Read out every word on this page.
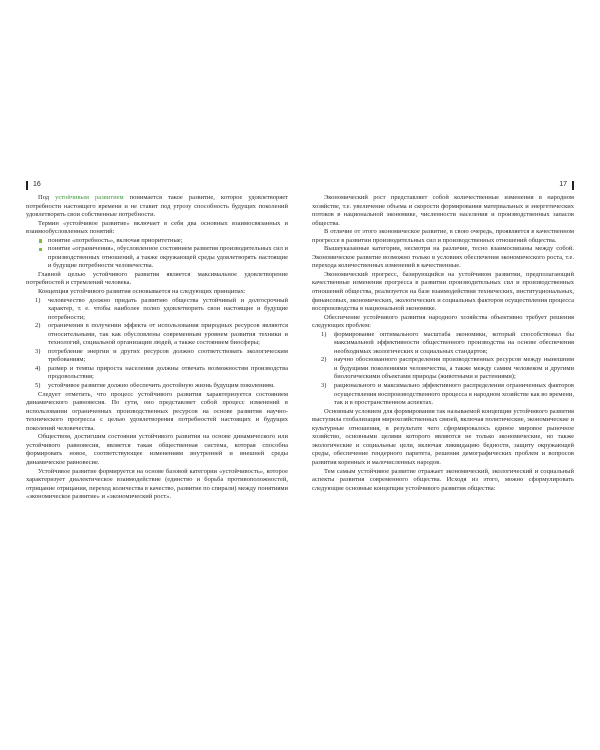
16

Под устойчивым развитием понимается такое развитие, которое удовлетворяет потребности настоящего времени и не ставит под угрозу способность будущих поколений удовлетворять свои собственные потребности.

Термин «устойчивое развитие» включает в себя два основных взаимосвязанных и взаимообусловленных понятий:

понятие «потребность», включая приоритетные;
понятие «ограничения», обусловленное состоянием развития производительных сил и производственных отношений, а также окружающей среды удовлетворять настоящие и будущие потребности человечества.

Главной целью устойчивого развития является максимальное удовлетворение потребностей и стремлений человека.

Концепция устойчивого развития основывается на следующих принципах:

1) человечество должно придать развитию общества устойчивый и долгосрочный характер, т. е. чтобы наиболее полно удовлетворить свои настоящие и будущие потребности;
2) ограничения в получении эффекта от использования природных ресурсов являются относительными, так как обусловлены современным уровнем развития техники и технологий, социальной организации людей, а также состоянием биосферы;
3) потребление энергии и других ресурсов должно соответствовать экологическим требованиям;
4) размер и темпы прироста населения должны отвечать возможностям производства продовольствия;
5) устойчивое развитие должно обеспечить достойную жизнь будущим поколениям.

Следует отметить, что процесс устойчивого развития характеризуется состоянием динамического равновесия. По сути, оно представляет собой процесс изменений в использовании ограниченных производственных ресурсов на основе развития научно-технического прогресса с целью удовлетворения потребностей настоящих и будущих поколений человечества.

Обществом, достигшим состояния устойчивого развития на основе динамического или устойчивого равновесия, является такая общественная система, которая способна формировать новое, соответствующее изменениям внутренней и внешней среды динамическое равновесие.

Устойчивое развитие формируется на основе базовой категории «устойчивость», которое характеризует диалектическое взаимодействие (единство и борьба противоположностей, отрицание отрицания, переход количества в качество, развитие по спирали) между понятиями «экономическое развитие» и «экономический рост».

17

Экономический рост представляет собой количественные изменения в народном хозяйстве, т.е. увеличение объема и скорости формирования материальных и энергетических потоков в национальной экономике, численности населения и производственных запасов общества.

В отличие от этого экономическое развитие, в свою очередь, проявляется в качественном прогрессе в развитии производительных сил и производственных отношений общества.

Вышеуказанные категории, несмотря на различие, тесно взаимосвязаны между собой. Экономическое развитие возможно только в условиях обеспечения экономического роста, т.е. перехода количественных изменений в качественные.

Экономический прогресс, базирующийся на устойчивом развитии, предполагающий качественные изменения прогресса в развитии производительных сил и производственных отношений общества, реализуется на базе взаимодействия технических, институциональных, финансовых, экономических, экологических и социальных факторов осуществления процесса воспроизводства в национальной экономике.

Обеспечение устойчивого развития народного хозяйства объективно требует решения следующих проблем:

1) формирование оптимального масштаба экономики, который способствовал бы максимальной эффективности общественного производства на основе обеспечения необходимых экологических и социальных стандартов;
2) научно обоснованного распределения производственных ресурсов между нынешним и будущими поколениями человечества, а также между самим человеком и другими биологическими объектами природы (животными и растениями);
3) рационального и максимально эффективного распределения ограниченных факторов осуществления воспроизводственного процесса в народном хозяйстве как во времени, так и в пространственном аспектах.

Основным условием для формирования так называемой концепции устойчивого развития выступила глобализация мирохозяйственных связей, включая политические, экономические и культурные отношения, в результате чего сформировалось единое мировое рыночное хозяйство, основными целями которого являются не только экономические, но также экологические и социальные цели, включая ликвидацию бедности, защиту окружающей среды, обеспечение гендерного паритета, решения демографических проблем и вопросов развития коренных и малочисленных народов.

Тем самым устойчивое развитие отражает экономический, экологический и социальный аспекты развития современного общества. Исходя из этого, можно сформулировать следующие основные концепции устойчивого развития общества:
